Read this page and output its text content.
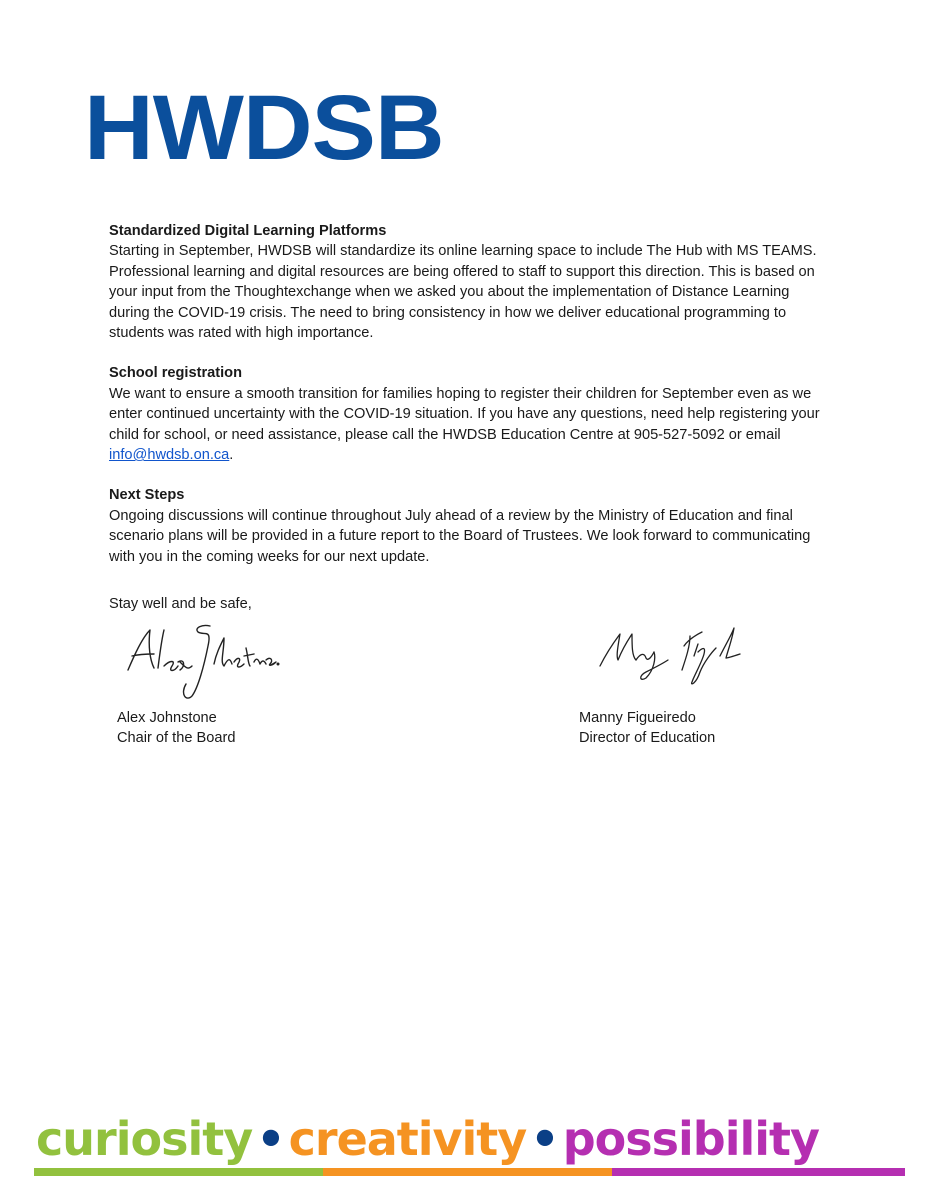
HWDSB
Standardized Digital Learning Platforms

Starting in September, HWDSB will standardize its online learning space to include The Hub with MS TEAMS. Professional learning and digital resources are being offered to staff to support this direction. This is based on your input from the Thoughtexchange when we asked you about the implementation of Distance Learning during the COVID-19 crisis. The need to bring consistency in how we deliver educational programming to students was rated with high importance.

School registration

We want to ensure a smooth transition for families hoping to register their children for September even as we enter continued uncertainty with the COVID-19 situation. If you have any questions, need help registering your child for school, or need assistance, please call the HWDSB Education Centre at 905-527-5092 or email info@hwdsb.on.ca.

Next Steps

Ongoing discussions will continue throughout July ahead of a review by the Ministry of Education and final scenario plans will be provided in a future report to the Board of Trustees. We look forward to communicating with you in the coming weeks for our next update.

Stay well and be safe,
Alex Johnstone
Chair of the Board
Manny Figueiredo
Director of Education
curiosity•creativity•possibility
